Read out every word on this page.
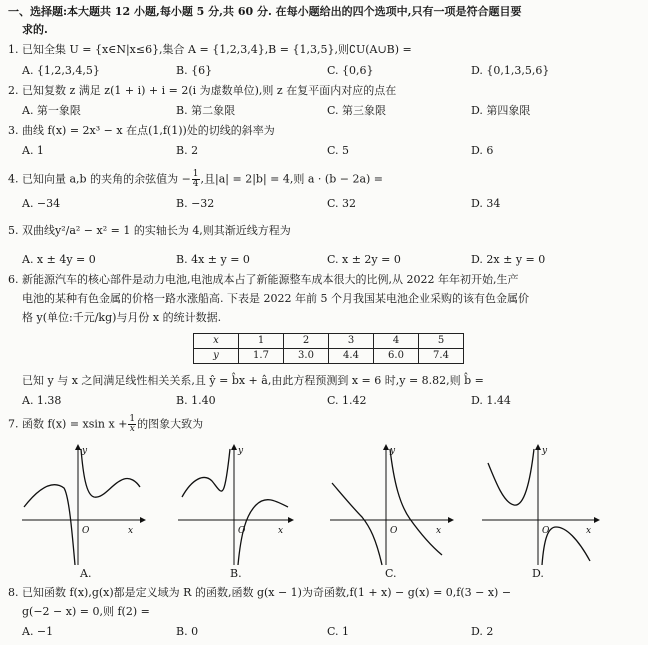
一、选择题:本大题共 12 小题,每小题 5 分,共 60 分. 在每小题给出的四个选项中,只有一项是符合题目要
求的.
1. 已知全集 U = {x∈N|x≤6},集合 A = {1,2,3,4},B = {1,3,5},则∁U(A∪B) =
A. {1,2,3,4,5}	B. {6}	C. {0,6}	D. {0,1,3,5,6}
2. 已知复数 z 满足 z(1 + i) + i = 2(i 为虚数单位),则 z 在复平面内对应的点在
A. 第一象限	B. 第二象限	C. 第三象限	D. 第四象限
3. 曲线 f(x) = 2x³ − x 在点(1,f(1))处的切线的斜率为
A. 1	B. 2	C. 5	D. 6
4. 已知向量 a,b 的夹角的余弦值为 − $\frac{1}{4}$ ,且|a| = 2|b| = 4,则 a · (b − 2a) =
A. −34	B. −32	C. 32	D. 34
5. 双曲线y²/a² − x² = 1 的实轴长为 4,则其渐近线方程为
A. x ± 4y = 0	B. 4x ± y = 0	C. x ± 2y = 0	D. 2x ± y = 0
6. 新能源汽车的核心部件是动力电池,电池成本占了新能源整车成本很大的比例,从 2022 年年初开始,生产
电池的某种有色金属的价格一路水涨船高. 下表是 2022 年前 5 个月我国某电池企业采购的该有色金属价
格 y(单位:千元/kg)与月份 x 的统计数据.
x	1	2	3	4	5
y	1.7	3.0	4.4	6.0	7.4
已知 y 与 x 之间满足线性相关关系,且 ŷ = b̂x + â,由此方程预测到 x = 6 时,y = 8.82,则 b̂ =
A. 1.38	B. 1.40	C. 1.42	D. 1.44
7. 函数 f(x) = xsin $x + \frac{1}{x}$ 的图象大致为
y
x
O
A.
y
x
O
B.
y
x
O
C.
y
x
O
D.
8. 已知函数 f(x),g(x)都是定义域为 R 的函数,函数 g(x − 1)为奇函数,f(1 + x) − g(x) = 0,f(3 − x) −
g(−2 − x) = 0,则 f(2) =
A. −1	B. 0	C. 1	D. 2
